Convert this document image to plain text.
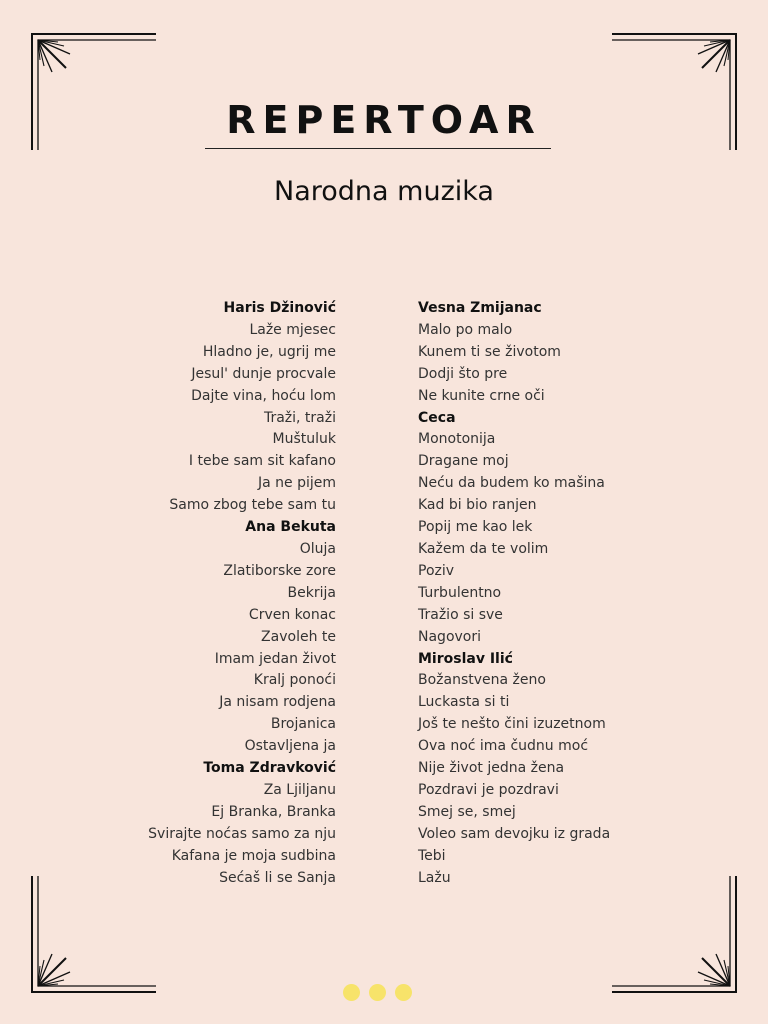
REPERTOAR
Narodna muzika
Haris Džinović
Laže mjesec
Hladno je, ugrij me
Jesul' dunje procvale
Dajte vina, hoću lom
Traži, traži
Muštuluk
I tebe sam sit kafano
Ja ne pijem
Samo zbog tebe sam tu
Ana Bekuta
Oluja
Zlatiborske zore
Bekrija
Crven konac
Zavoleh te
Imam jedan život
Kralj ponoći
Ja nisam rodjena
Brojanica
Ostavljena ja
Toma Zdravković
Za Ljiljanu
Ej Branka, Branka
Svirajte noćas samo za nju
Kafana je moja sudbina
Sećaš li se Sanja
Vesna Zmijanac
Malo po malo
Kunem ti se životom
Dodji što pre
Ne kunite crne oči
Ceca
Monotonija
Dragane moj
Neću da budem ko mašina
Kad bi bio ranjen
Popij me kao lek
Kažem da te volim
Poziv
Turbulentno
Tražio si sve
Nagovori
Miroslav Ilić
Božanstvena ženo
Luckasta si ti
Još te nešto čini izuzetnom
Ova noć ima čudnu moć
Nije život jedna žena
Pozdravi je pozdravi
Smej se, smej
Voleo sam devojku iz grada
Tebi
Lažu
